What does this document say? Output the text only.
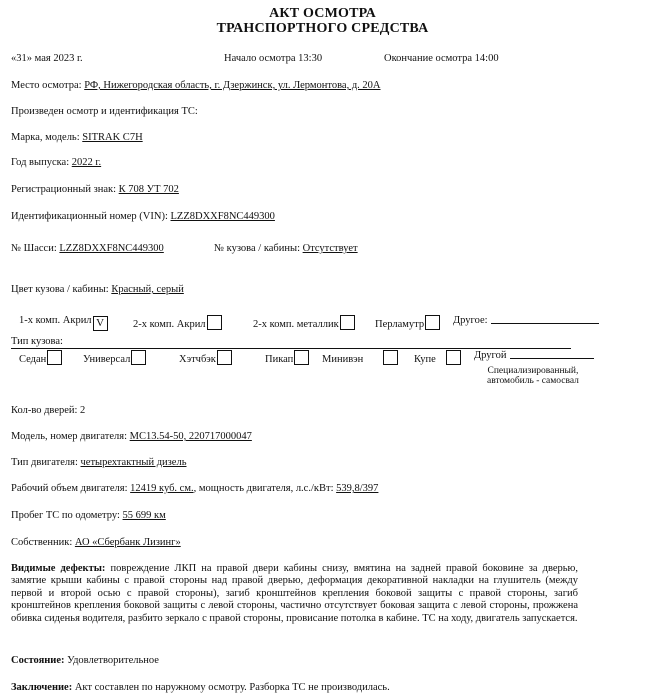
АКТ ОСМОТРА
ТРАНСПОРТНОГО СРЕДСТВА
«31» мая 2023 г.	Начало осмотра 13:30	Окончание осмотра 14:00
Место осмотра: РФ, Нижегородская область, г. Дзержинск, ул. Лермонтова, д. 20А
Произведен осмотр и идентификация ТС:
Марка, модель: SITRAK C7H
Год выпуска: 2022 г.
Регистрационный знак: К 708 УТ 702
Идентификационный номер (VIN): LZZ8DXXF8NC449300
№ Шасси: LZZ8DXXF8NC449300	№ кузова / кабины: Отсутствует
Цвет кузова / кабины: Красный, серый
1-х комп. Акрил V	2-х комп. Акрил	2-х комп. металлик	Перламутр	Другое:
Тип кузова:
Седан	Универсал	Хэтчбэк	Пикап	Минивэн	Купе	Другой
Специализированный,
автомобиль - самосвал
Кол-во дверей: 2
Модель, номер двигателя: MC13.54-50, 220717000047
Тип двигателя: четырехтактный дизель
Рабочий объем двигателя: 12419 куб. см., мощность двигателя, л.с./кВт: 539,8/397
Пробег ТС по одометру: 55 699 км
Собственник: АО «Сбербанк Лизинг»
Видимые дефекты: повреждение ЛКП на правой двери кабины снизу, вмятина на задней правой боковине за дверью, замятие крыши кабины с правой стороны над правой дверью, деформация декоративной накладки на глушитель (между первой и второй осью с правой стороны), загиб кронштейнов крепления боковой защиты с правой стороны, загиб кронштейнов крепления боковой защиты с левой стороны, частично отсутствует боковая защита с левой стороны, прожжена обивка сиденья водителя, разбито зеркало с правой стороны, провисание потолка в кабине. ТС на ходу, двигатель запускается.
Состояние: Удовлетворительное
Заключение: Акт составлен по наружному осмотру. Разборка ТС не производилась.
